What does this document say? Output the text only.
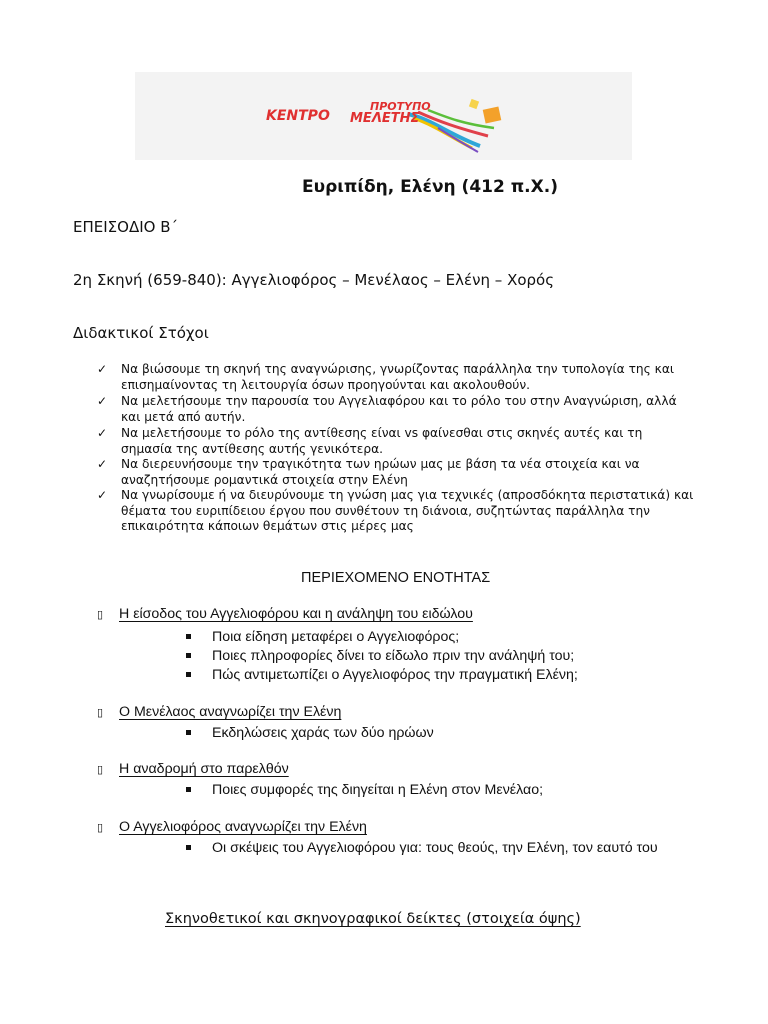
ΠΡΟΤΥΠΟ
ΚΕΝΤΡΟ ΜΕΛΕΤΗΣ
Ευριπίδη, Ελένη (412 π.Χ.)
ΕΠΕΙΣΟΔΙΟ Β΄
2η Σκηνή (659-840): Αγγελιοφόρος – Μενέλαος – Ελένη – Χορός
Διδακτικοί Στόχοι
✓ Να βιώσουμε τη σκηνή της αναγνώρισης, γνωρίζοντας παράλληλα την τυπολογία της και επισημαίνοντας τη λειτουργία όσων προηγούνται και ακολουθούν.
✓ Να μελετήσουμε την παρουσία του Αγγελιαφόρου και το ρόλο του στην Αναγνώριση, αλλά και μετά από αυτήν.
✓ Να μελετήσουμε το ρόλο της αντίθεσης είναι vs φαίνεσθαι στις σκηνές αυτές και τη σημασία της αντίθεσης αυτής γενικότερα.
✓ Να διερευνήσουμε την τραγικότητα των ηρώων μας με βάση τα νέα στοιχεία και να αναζητήσουμε ρομαντικά στοιχεία στην Ελένη
✓ Να γνωρίσουμε ή να διευρύνουμε τη γνώση μας για τεχνικές (απροσδόκητα περιστατικά) και θέματα του ευριπίδειου έργου που συνθέτουν τη διάνοια, συζητώντας παράλληλα την επικαιρότητα κάποιων θεμάτων στις μέρες μας
ΠΕΡΙΕΧΟΜΕΝΟ ΕΝΟΤΗΤΑΣ
▯ Η είσοδος του Αγγελιοφόρου και η ανάληψη του ειδώλου
Ποια είδηση μεταφέρει ο Αγγελιοφόρος;
Ποιες πληροφορίες δίνει το είδωλο πριν την ανάληψή του;
Πώς αντιμετωπίζει ο Αγγελιοφόρος την πραγματική Ελένη;
▯ Ο Μενέλαος αναγνωρίζει την Ελένη
Εκδηλώσεις χαράς των δύο ηρώων
▯ Η αναδρομή στο παρελθόν
Ποιες συμφορές της διηγείται η Ελένη στον Μενέλαο;
▯ Ο Αγγελιοφόρος αναγνωρίζει την Ελένη
Οι σκέψεις του Αγγελιοφόρου για: τους θεούς, την Ελένη, τον εαυτό του
Σκηνοθετικοί και σκηνογραφικοί δείκτες (στοιχεία όψης)
